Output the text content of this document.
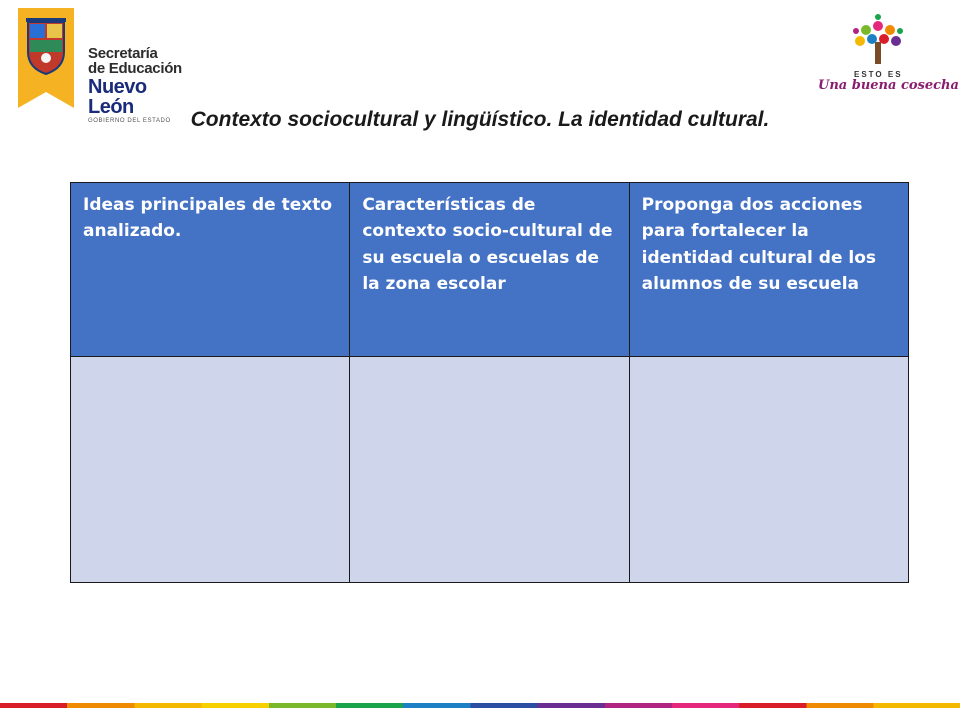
Secretaría
de Educación
Nuevo León
GOBIERNO DEL ESTADO
ESTO ES
Una buena cosecha
Contexto sociocultural y lingüístico. La identidad cultural.
Ideas principales de texto analizado.	Características de contexto socio-cultural de su escuela o escuelas de la zona escolar	Proponga dos acciones para fortalecer la identidad cultural de los alumnos de su escuela
